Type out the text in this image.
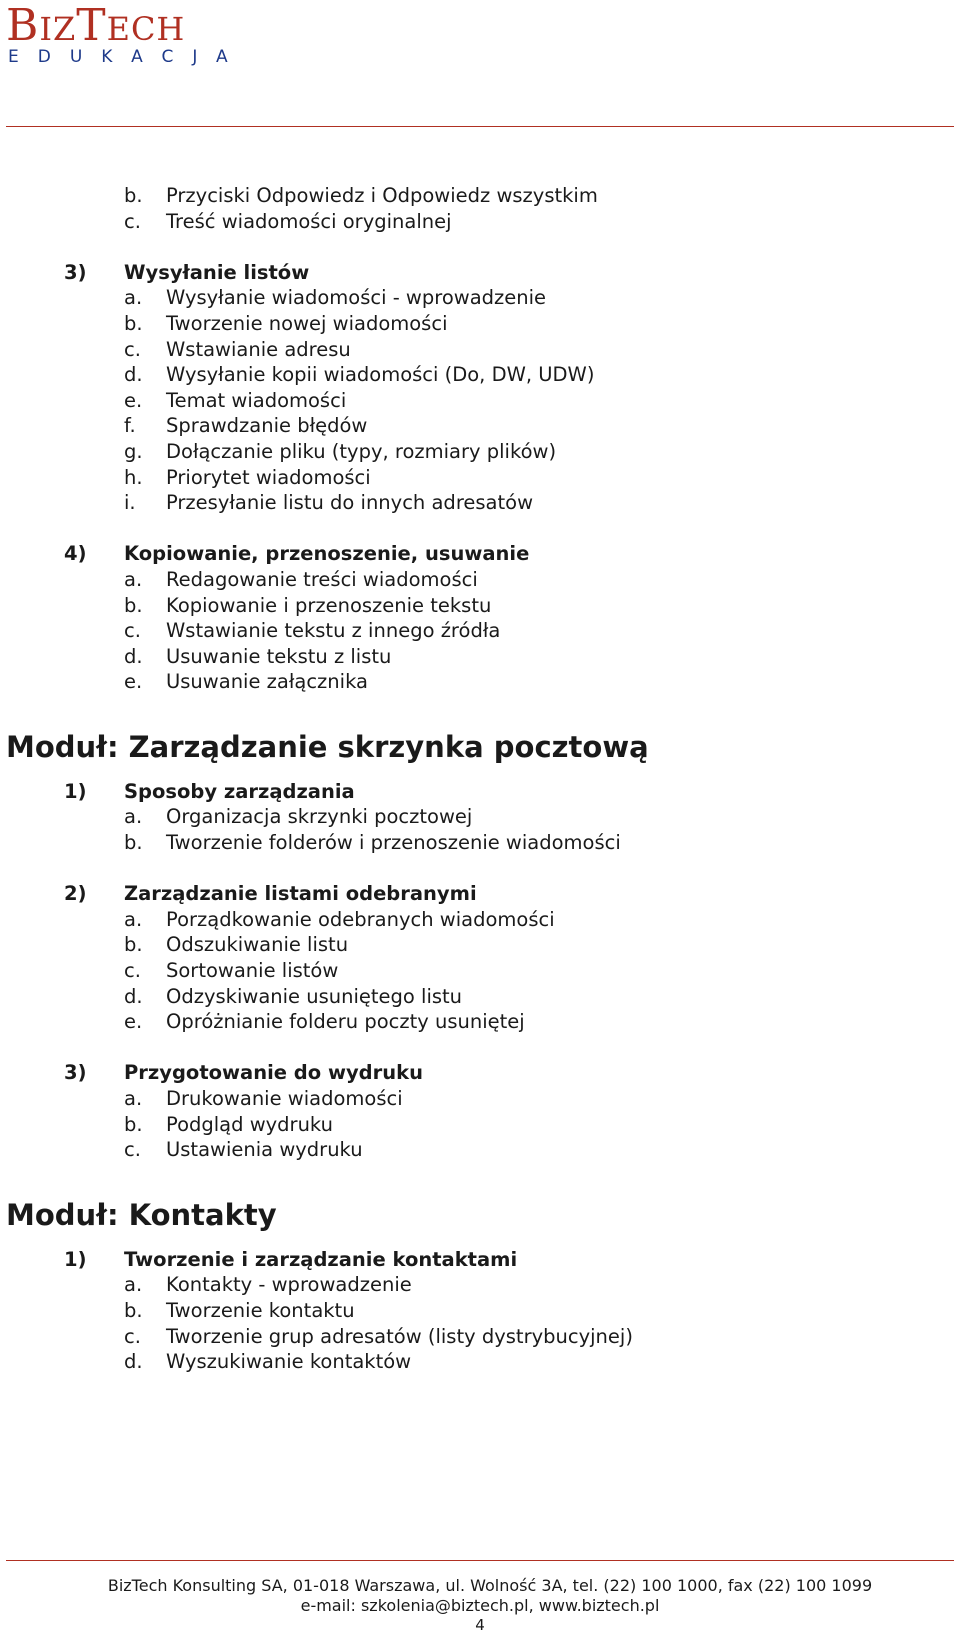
BIZTECH
EDUKACJA
b. Przyciski Odpowiedz i Odpowiedz wszystkim
c. Treść wiadomości oryginalnej
3) Wysyłanie listów
a. Wysyłanie wiadomości - wprowadzenie
b. Tworzenie nowej wiadomości
c. Wstawianie adresu
d. Wysyłanie kopii wiadomości (Do, DW, UDW)
e. Temat wiadomości
f. Sprawdzanie błędów
g. Dołączanie pliku (typy, rozmiary plików)
h. Priorytet wiadomości
i. Przesyłanie listu do innych adresatów
4) Kopiowanie, przenoszenie, usuwanie
a. Redagowanie treści wiadomości
b. Kopiowanie i przenoszenie tekstu
c. Wstawianie tekstu z innego źródła
d. Usuwanie tekstu z listu
e. Usuwanie załącznika
Moduł: Zarządzanie skrzynka pocztową
1) Sposoby zarządzania
a. Organizacja skrzynki pocztowej
b. Tworzenie folderów i przenoszenie wiadomości
2) Zarządzanie listami odebranymi
a. Porządkowanie odebranych wiadomości
b. Odszukiwanie listu
c. Sortowanie listów
d. Odzyskiwanie usuniętego listu
e. Opróżnianie folderu poczty usuniętej
3) Przygotowanie do wydruku
a. Drukowanie wiadomości
b. Podgląd wydruku
c. Ustawienia wydruku
Moduł: Kontakty
1) Tworzenie i zarządzanie kontaktami
a. Kontakty - wprowadzenie
b. Tworzenie kontaktu
c. Tworzenie grup adresatów (listy dystrybucyjnej)
d. Wyszukiwanie kontaktów
BizTech Konsulting SA, 01-018 Warszawa, ul. Wolność 3A, tel. (22) 100 1000, fax (22) 100 1099
e-mail: szkolenia@biztech.pl, www.biztech.pl
4
